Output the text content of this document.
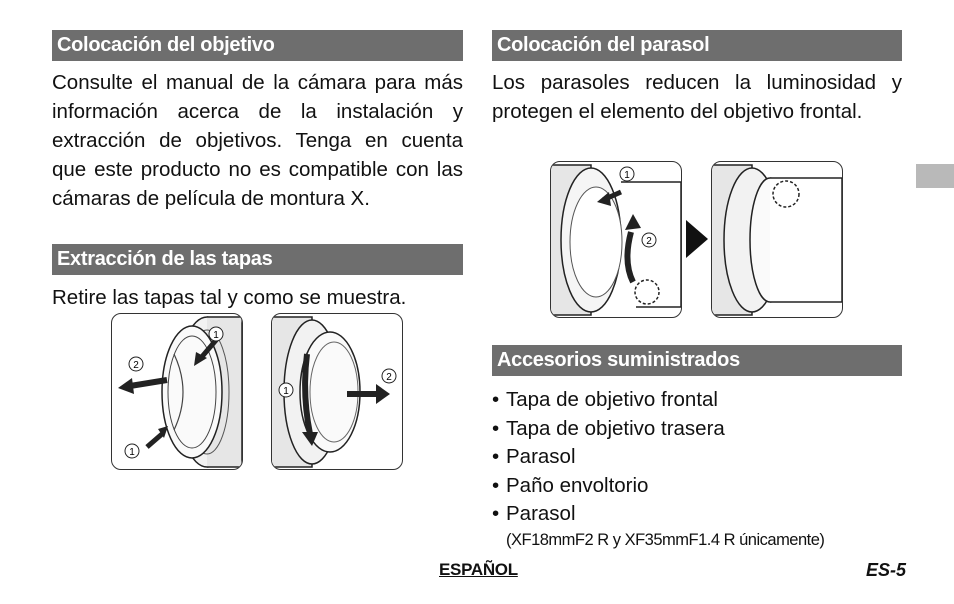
Colocación del objetivo

Consulte el manual de la cámara para más información acerca de la instalación y extracción de objetivos. Tenga en cuenta que este producto no es compatible con las cámaras de película de montura X.

Extracción de las tapas

Retire las tapas tal y como se muestra.

1
2
1
1
2
Colocación del parasol

Los parasoles reducen la luminosidad y protegen el elemento del objetivo frontal.

1
2
Accesorios suministrados
• Tapa de objetivo frontal
• Tapa de objetivo trasera
• Parasol
• Paño envoltorio
• Parasol
(XF18mmF2 R y XF35mmF1.4 R únicamente)
ESPAÑOL	ES-5
